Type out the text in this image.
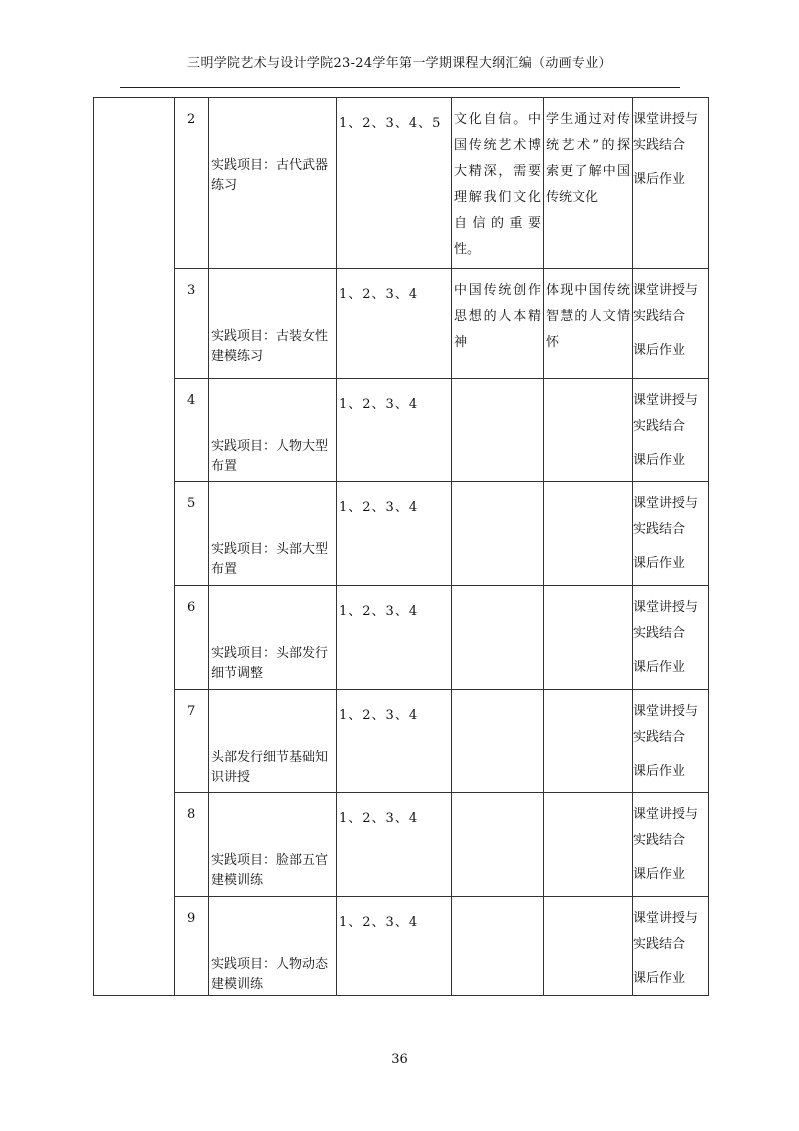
三明学院艺术与设计学院23-24学年第一学期课程大纲汇编（动画专业）
	2	实践项目：古代武器练习	1、2、3、4、5	文化自信。中国传统艺术博大精深，需要理解我们文化自信的重要性。	学生通过对传统艺术”的探索更了解中国传统文化	课堂讲授与实践结合
课后作业

	3	实践项目：古装女性建模练习	1、2、3、4	中国传统创作思想的人本精神	体现中国传统智慧的人文情怀	课堂讲授与实践结合
课后作业

	4	实践项目：人物大型布置	1、2、3、4			课堂讲授与实践结合
课后作业

	5	实践项目：头部大型布置	1、2、3、4			课堂讲授与实践结合
课后作业

	6	实践项目：头部发行细节调整	1、2、3、4			课堂讲授与实践结合
课后作业

	7	头部发行细节基础知识讲授	1、2、3、4			课堂讲授与实践结合
课后作业

	8	实践项目：脸部五官建模训练	1、2、3、4			课堂讲授与实践结合
课后作业

	9	实践项目：人物动态建模训练	1、2、3、4			课堂讲授与实践结合
课后作业
36
